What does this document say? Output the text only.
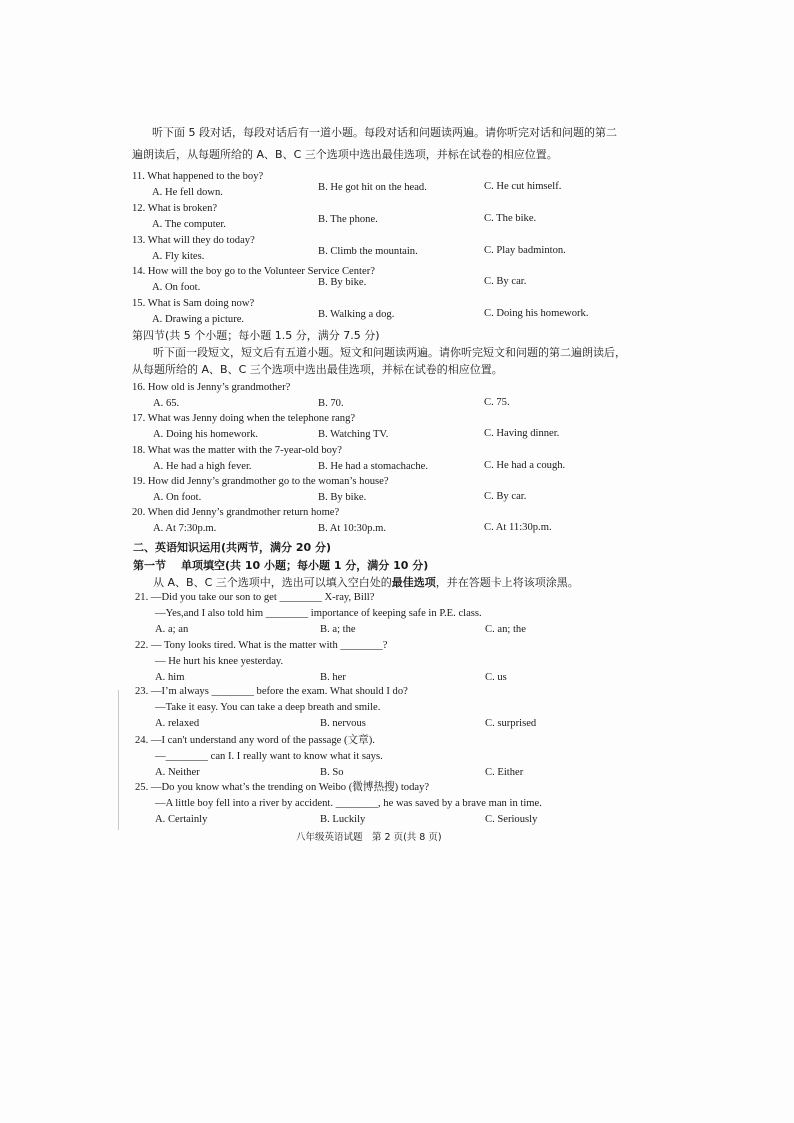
听下面 5 段对话，每段对话后有一道小题。每段对话和问题读两遍。请你听完对话和问题的第二
遍朗读后，从每题所给的 A、B、C 三个选项中选出最佳选项，并标在试卷的相应位置。
11. What happened to the boy?
A. He fell down.	B. He got hit on the head.	C. He cut himself.
12. What is broken?
A. The computer.	B. The phone.	C. The bike.
13. What will they do today?
A. Fly kites.	B. Climb the mountain.	C. Play badminton.
14. How will the boy go to the Volunteer Service Center?
A. On foot.	B. By bike.	C. By car.
15. What is Sam doing now?
A. Drawing a picture.	B. Walking a dog.	C. Doing his homework.
第四节(共 5 个小题；每小题 1.5 分，满分 7.5 分)
听下面一段短文，短文后有五道小题。短文和问题读两遍。请你听完短文和问题的第二遍朗读后，
从每题所给的 A、B、C 三个选项中选出最佳选项，并标在试卷的相应位置。
16. How old is Jenny’s grandmother?
A. 65.	B. 70.	C. 75.
17. What was Jenny doing when the telephone rang?
A. Doing his homework.	B. Watching TV.	C. Having dinner.
18. What was the matter with the 7-year-old boy?
A. He had a high fever.	B. He had a stomachache.	C. He had a cough.
19. How did Jenny’s grandmother go to the woman’s house?
A. On foot.	B. By bike.	C. By car.
20. When did Jenny’s grandmother return home?
A. At 7:30p.m.	B. At 10:30p.m.	C. At 11:30p.m.
二、英语知识运用(共两节，满分 20 分)
第一节 单项填空(共 10 小题；每小题 1 分，满分 10 分)
从 A、B、C 三个选项中，选出可以填入空白处的最佳选项，并在答题卡上将该项涂黑。
21. —Did you take our son to get ________ X-ray, Bill?
—Yes,and I also told him ________ importance of keeping safe in P.E. class.
A. a; an	B. a; the	C. an; the
22. — Tony looks tired. What is the matter with ________?
— He hurt his knee yesterday.
A. him	B. her	C. us
23. —I’m always ________ before the exam. What should I do?
—Take it easy. You can take a deep breath and smile.
A. relaxed	B. nervous	C. surprised
24. —I can't understand any word of the passage (文章).
—________ can I. I really want to know what it says.
A. Neither	B. So	C. Either
25. —Do you know what’s the trending on Weibo (微博热搜) today?
—A little boy fell into a river by accident. ________, he was saved by a brave man in time.
A. Certainly	B. Luckily	C. Seriously
八年级英语试题　第 2 页(共 8 页)
